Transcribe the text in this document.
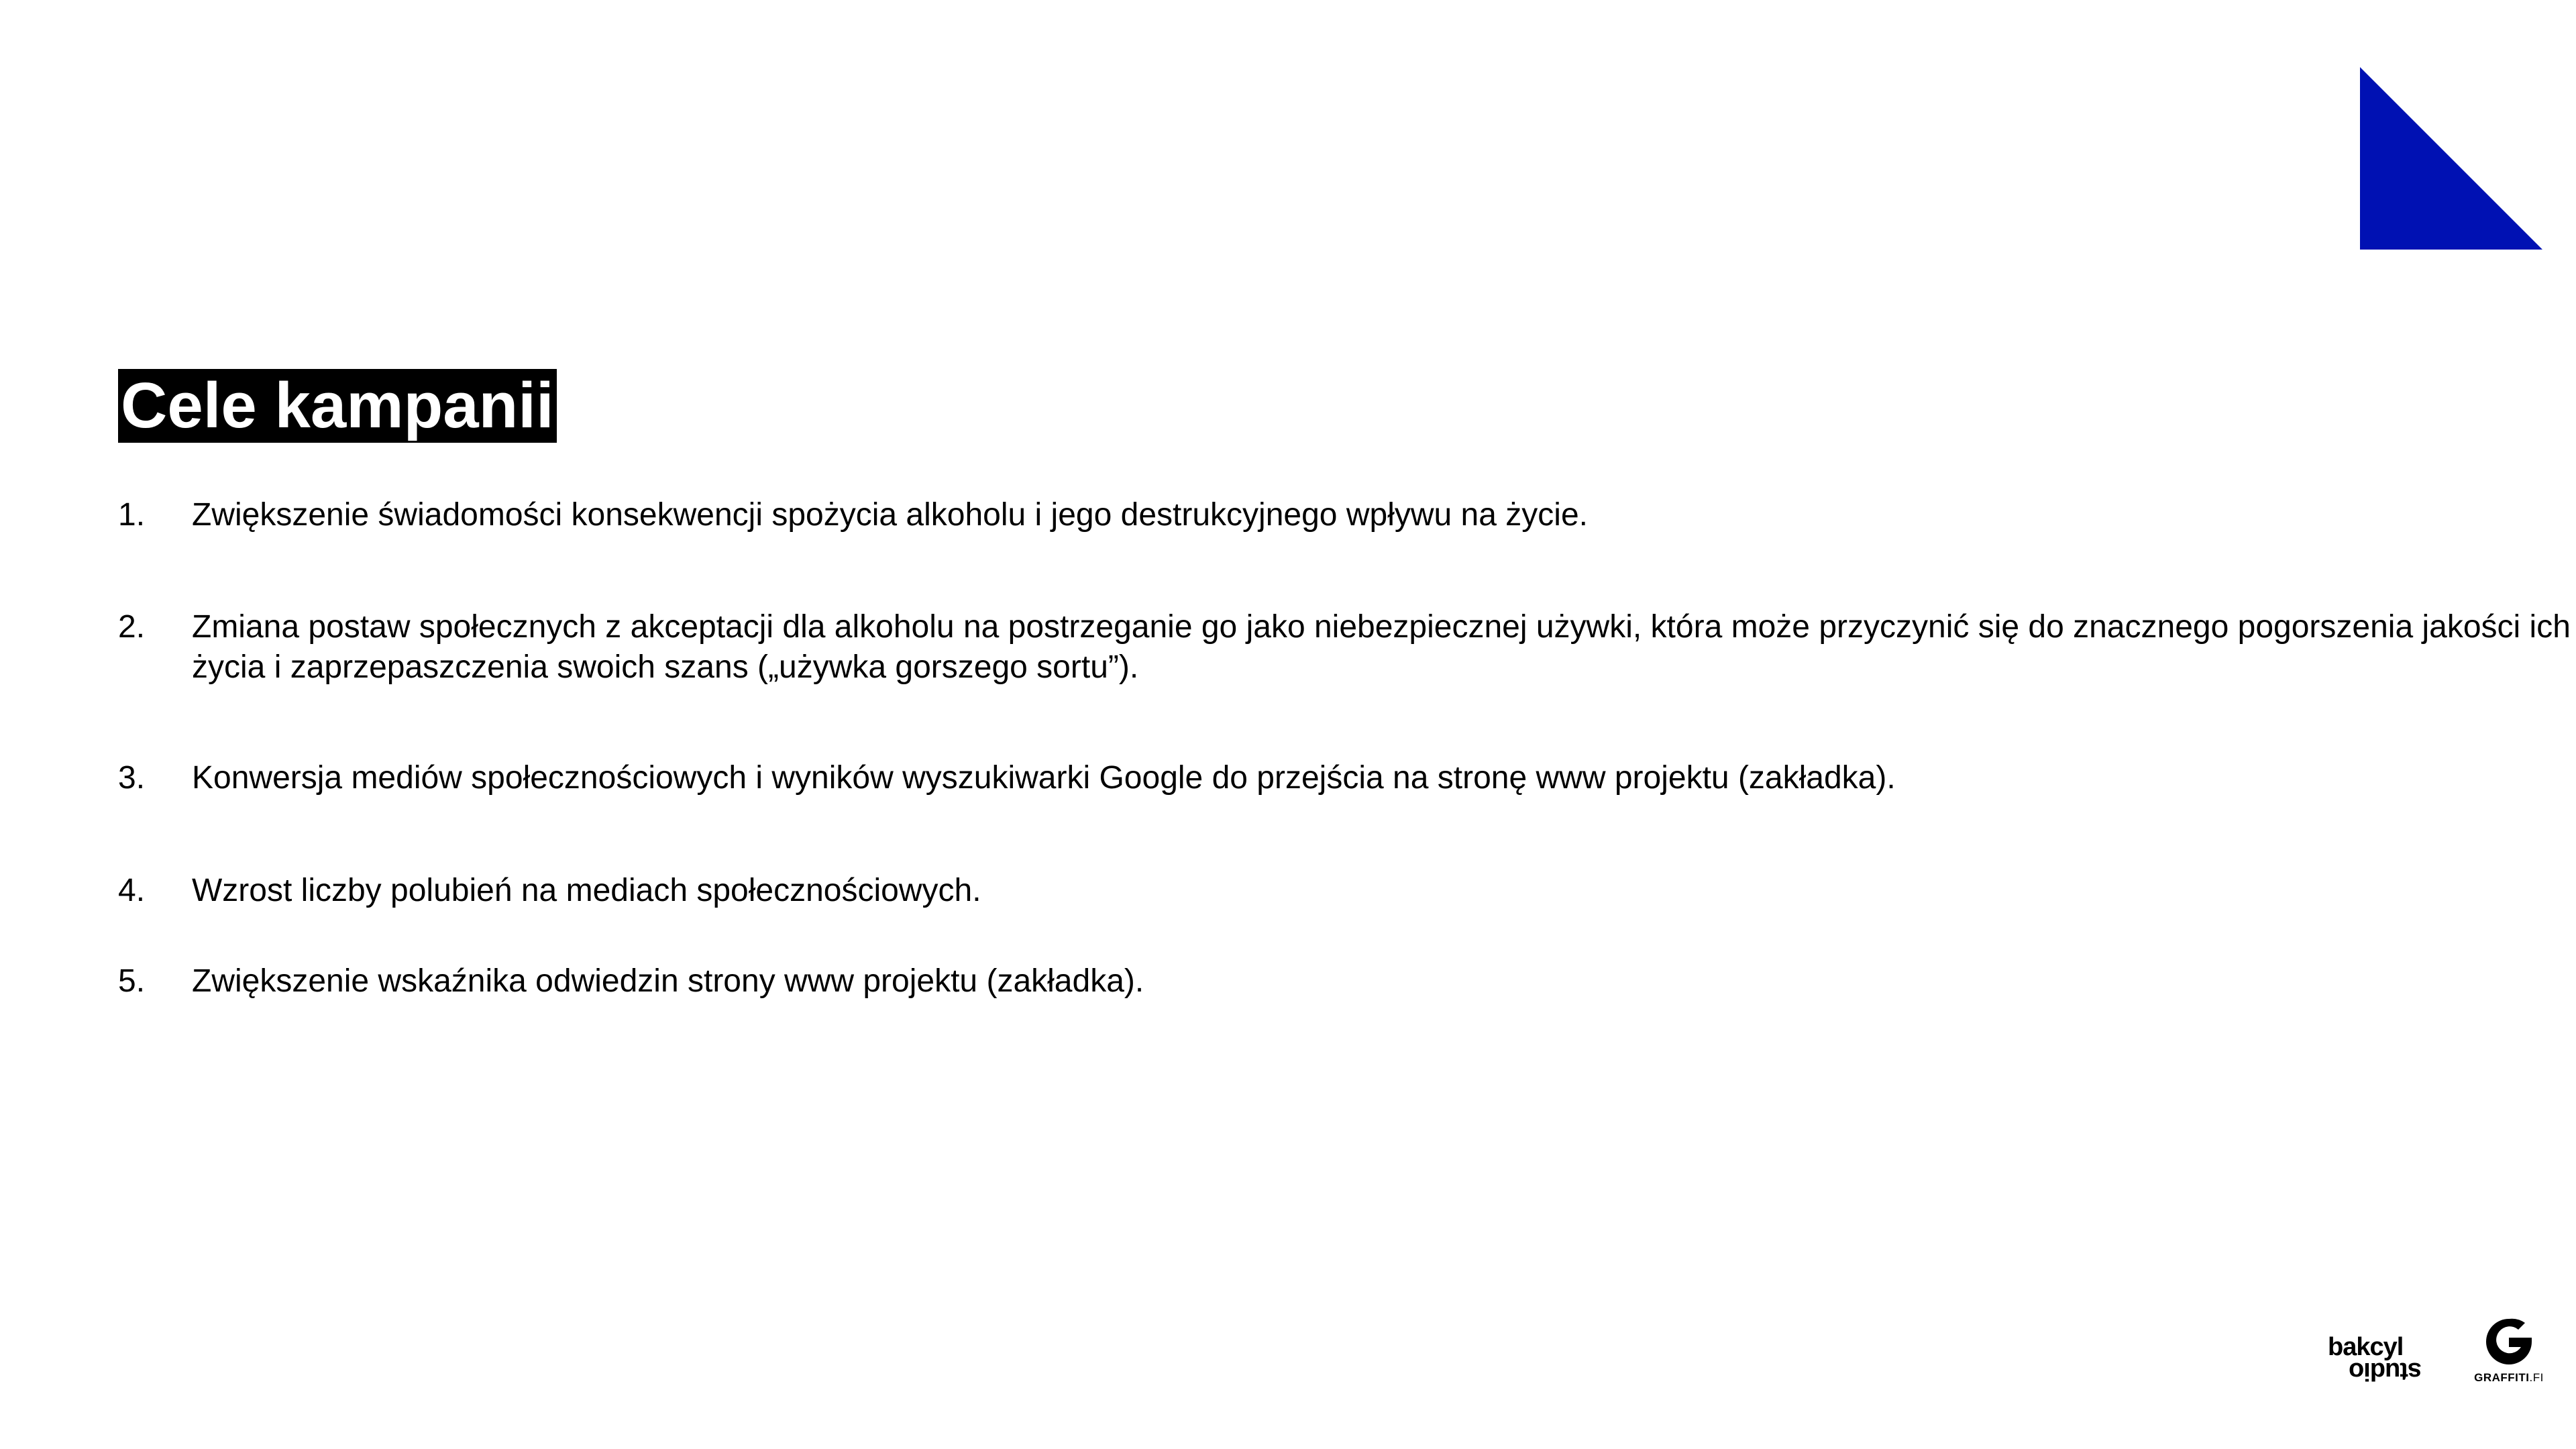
Cele kampanii
1.	Zwiększenie świadomości konsekwencji spożycia alkoholu i jego destrukcyjnego wpływu na życie.
2.	Zmiana postaw społecznych z akceptacji dla alkoholu na postrzeganie go jako niebezpiecznej używki, która może przyczynić się do znacznego pogorszenia jakości ich życia i zaprzepaszczenia swoich szans („używka gorszego sortu”).
3.	Konwersja mediów społecznościowych i wyników wyszukiwarki Google do przejścia na stronę www projektu (zakładka).
4.	Wzrost liczby polubień na mediach społecznościowych.
5.	Zwiększenie wskaźnika odwiedzin strony www projektu (zakładka).
bakcyl
studio	GRAFFITI.FI
